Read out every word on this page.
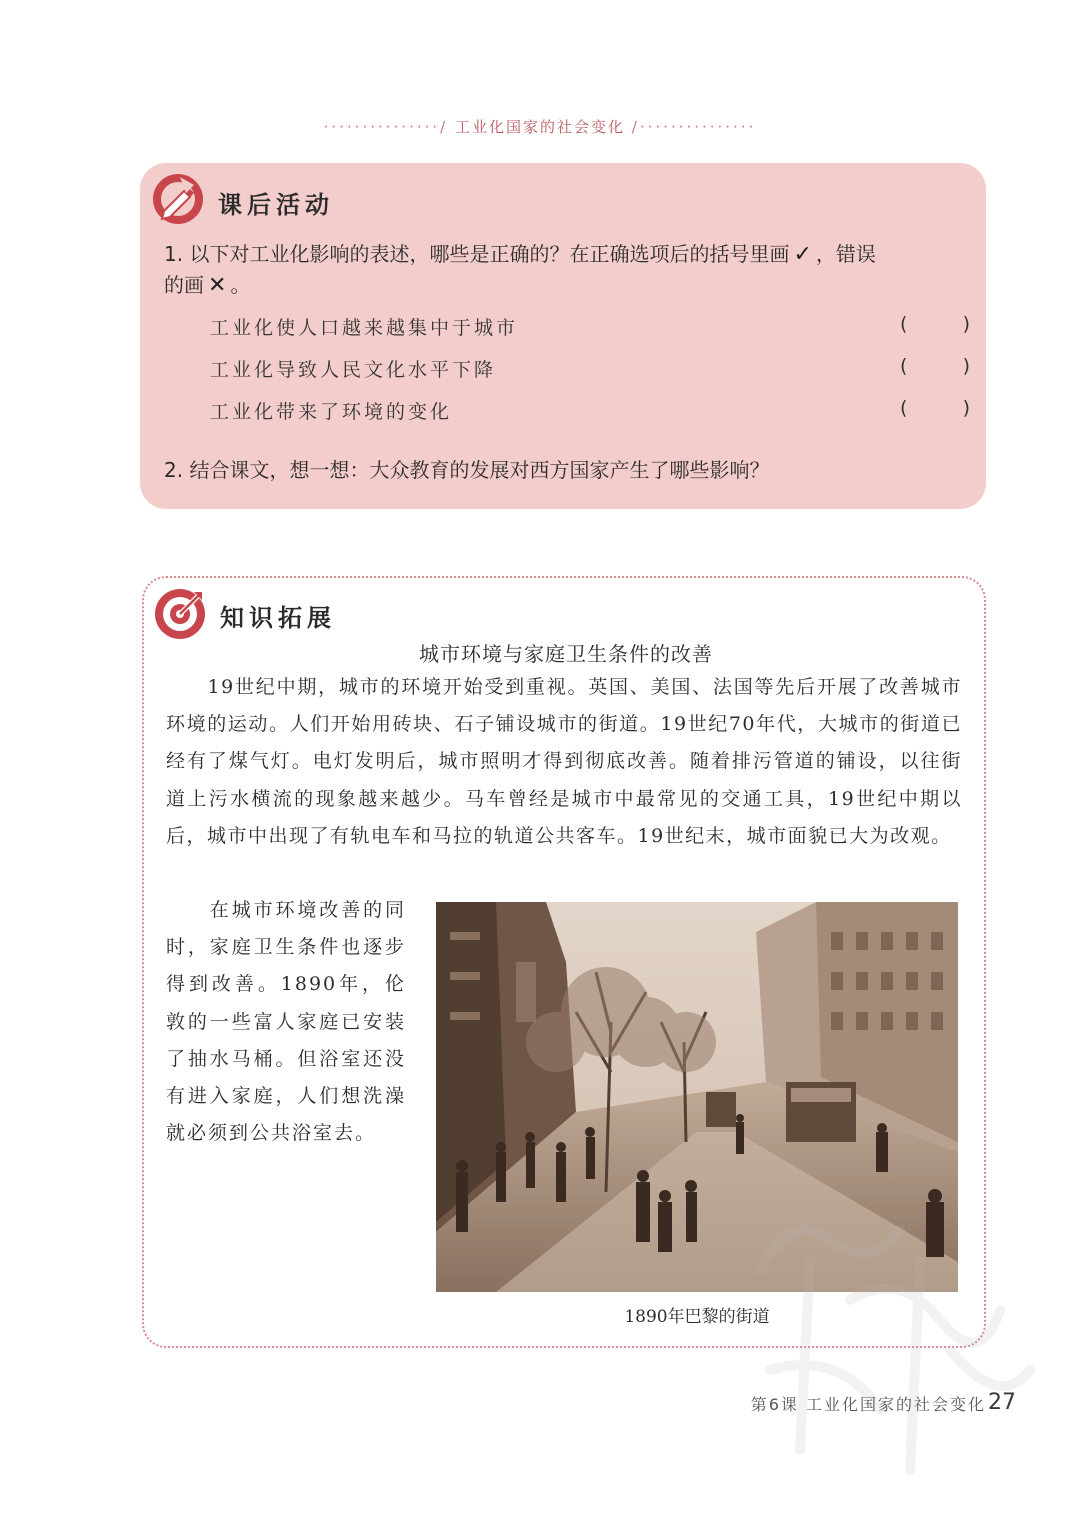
···············/ 工业化国家的社会变化 /···············
课后活动
1. 以下对工业化影响的表述，哪些是正确的？在正确选项后的括号里画 ✓ ，错误
的画 ✕ 。
工业化使人口越来越集中于城市	(	)
工业化导致人民文化水平下降	(	)
工业化带来了环境的变化	(	)
2. 结合课文，想一想：大众教育的发展对西方国家产生了哪些影响？
知识拓展
城市环境与家庭卫生条件的改善

　　19世纪中期，城市的环境开始受到重视。英国、美国、法国等先后开展了改善城市环境的运动。人们开始用砖块、石子铺设城市的街道。19世纪70年代，大城市的街道已经有了煤气灯。电灯发明后，城市照明才得到彻底改善。随着排污管道的铺设，以往街道上污水横流的现象越来越少。马车曾经是城市中最常见的交通工具，19世纪中期以后，城市中出现了有轨电车和马拉的轨道公共客车。19世纪末，城市面貌已大为改观。

　　在城市环境改善的同时，家庭卫生条件也逐步得到改善。1890年，伦敦的一些富人家庭已安装了抽水马桶。但浴室还没有进入家庭，人们想洗澡就必须到公共浴室去。

1890年巴黎的街道
第6课 工业化国家的社会变化 27
